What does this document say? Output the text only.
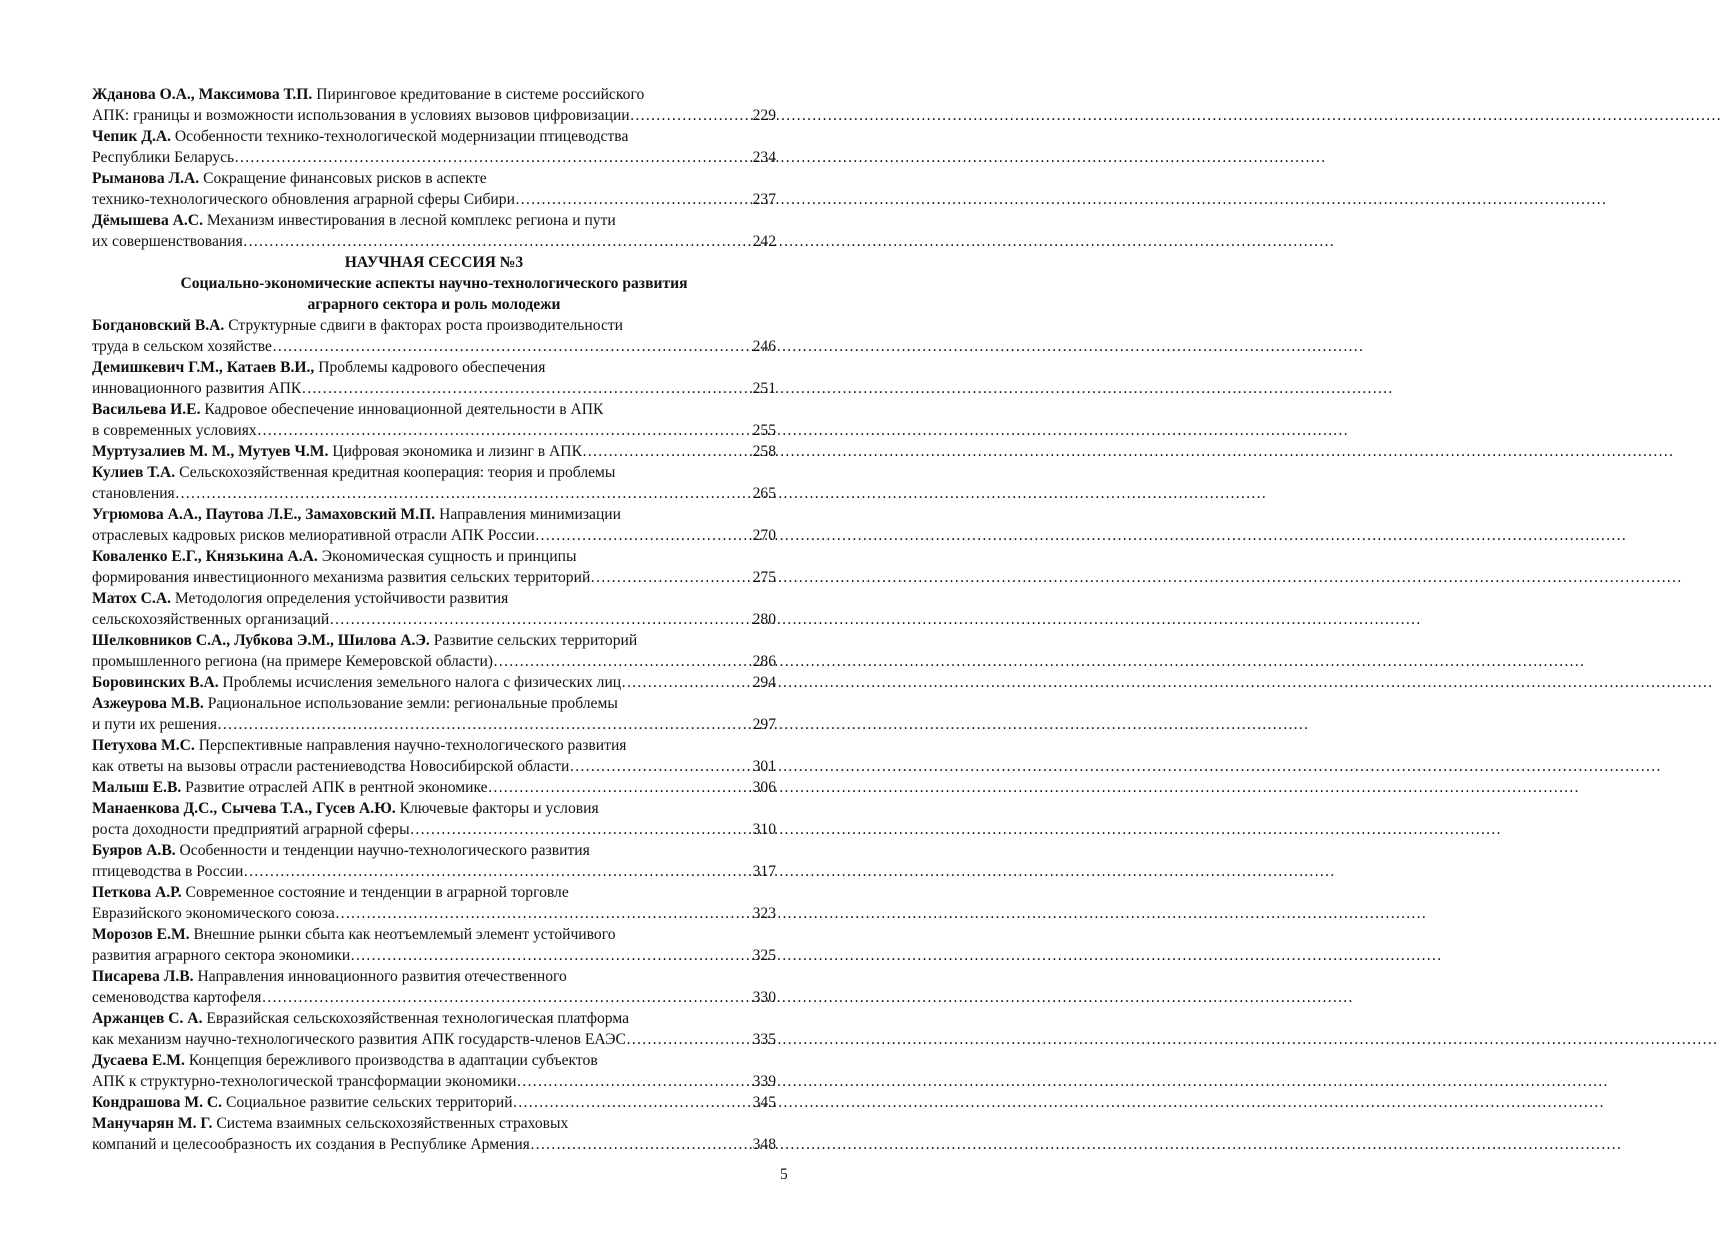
Жданова О.А., Максимова Т.П. Пиринговое кредитование в системе российского
АПК: границы и возможности использования в условиях вызовов цифровизации …………………………………………………………………………………………………………………………………………………………………………………………	229
Чепик Д.А. Особенности технико-технологической модернизации птицеводства
Республики Беларусь …………………………………………………………………………………………………………………………………………………………………………………………	234
Рыманова Л.А. Сокращение финансовых рисков в аспекте
технико-технологического обновления аграрной сферы Сибири …………………………………………………………………………………………………………………………………………………………………………………………	237
Дёмышева А.С. Механизм инвестирования в лесной комплекс региона и пути
их совершенствования …………………………………………………………………………………………………………………………………………………………………………………………	242
НАУЧНАЯ СЕССИЯ №3
Социально-экономические аспекты научно-технологического развития
аграрного сектора и роль молодежи
Богдановский В.А. Структурные сдвиги в факторах роста производительности
труда в сельском хозяйстве …………………………………………………………………………………………………………………………………………………………………………………………	246
Демишкевич Г.М., Катаев В.И., Проблемы кадрового обеспечения
инновационного развития АПК …………………………………………………………………………………………………………………………………………………………………………………………	251
Васильева И.Е. Кадровое обеспечение инновационной деятельности в АПК
в современных условиях …………………………………………………………………………………………………………………………………………………………………………………………	255
Муртузалиев М. М., Мутуев Ч.М. Цифровая экономика и лизинг в АПК …………………………………………………………………………………………………………………………………………………………………………………………	258
Кулиев Т.А. Сельскохозяйственная кредитная кооперация: теория и проблемы
становления …………………………………………………………………………………………………………………………………………………………………………………………	265
Угрюмова А.А., Паутова Л.Е., Замаховский М.П. Направления минимизации
отраслевых кадровых рисков мелиоративной отрасли АПК России …………………………………………………………………………………………………………………………………………………………………………………………	270
Коваленко Е.Г., Князькина А.А. Экономическая сущность и принципы
формирования инвестиционного механизма развития сельских территорий …………………………………………………………………………………………………………………………………………………………………………………………	275
Матох С.А. Методология определения устойчивости развития
сельскохозяйственных организаций …………………………………………………………………………………………………………………………………………………………………………………………	280
Шелковников С.А., Лубкова Э.М., Шилова А.Э. Развитие сельских территорий
промышленного региона (на примере Кемеровской области) …………………………………………………………………………………………………………………………………………………………………………………………	286
Боровинских В.А. Проблемы исчисления земельного налога с физических лиц …………………………………………………………………………………………………………………………………………………………………………………………	294
Азжеурова М.В. Рациональное использование земли: региональные проблемы
и пути их решения …………………………………………………………………………………………………………………………………………………………………………………………	297
Петухова М.С. Перспективные направления научно-технологического развития
как ответы на вызовы отрасли растениеводства Новосибирской области …………………………………………………………………………………………………………………………………………………………………………………………	301
Малыш Е.В. Развитие отраслей АПК в рентной экономике …………………………………………………………………………………………………………………………………………………………………………………………	306
Манаенкова Д.С., Сычева Т.А., Гусев А.Ю. Ключевые факторы и условия
роста доходности предприятий аграрной сферы …………………………………………………………………………………………………………………………………………………………………………………………	310
Буяров А.В. Особенности и тенденции научно-технологического развития
птицеводства в России …………………………………………………………………………………………………………………………………………………………………………………………	317
Петкова А.Р. Современное состояние и тенденции в аграрной торговле
Евразийского экономического союза …………………………………………………………………………………………………………………………………………………………………………………………	323
Морозов Е.М. Внешние рынки сбыта как неотъемлемый элемент устойчивого
развития аграрного сектора экономики …………………………………………………………………………………………………………………………………………………………………………………………	325
Писарева Л.В. Направления инновационного развития отечественного
семеноводства картофеля …………………………………………………………………………………………………………………………………………………………………………………………	330
Аржанцев С. А. Евразийская сельскохозяйственная технологическая платформа
как механизм научно-технологического развития АПК государств-членов ЕАЭС …………………………………………………………………………………………………………………………………………………………………………………………	335
Дусаева Е.М. Концепция бережливого производства в адаптации субъектов
АПК к структурно-технологической трансформации экономики …………………………………………………………………………………………………………………………………………………………………………………………	339
Кондрашова М. С. Социальное развитие сельских территорий …………………………………………………………………………………………………………………………………………………………………………………………	345
Манучарян М. Г. Система взаимных сельскохозяйственных страховых
компаний и целесообразность их создания в Республике Армения …………………………………………………………………………………………………………………………………………………………………………………………	348
5
